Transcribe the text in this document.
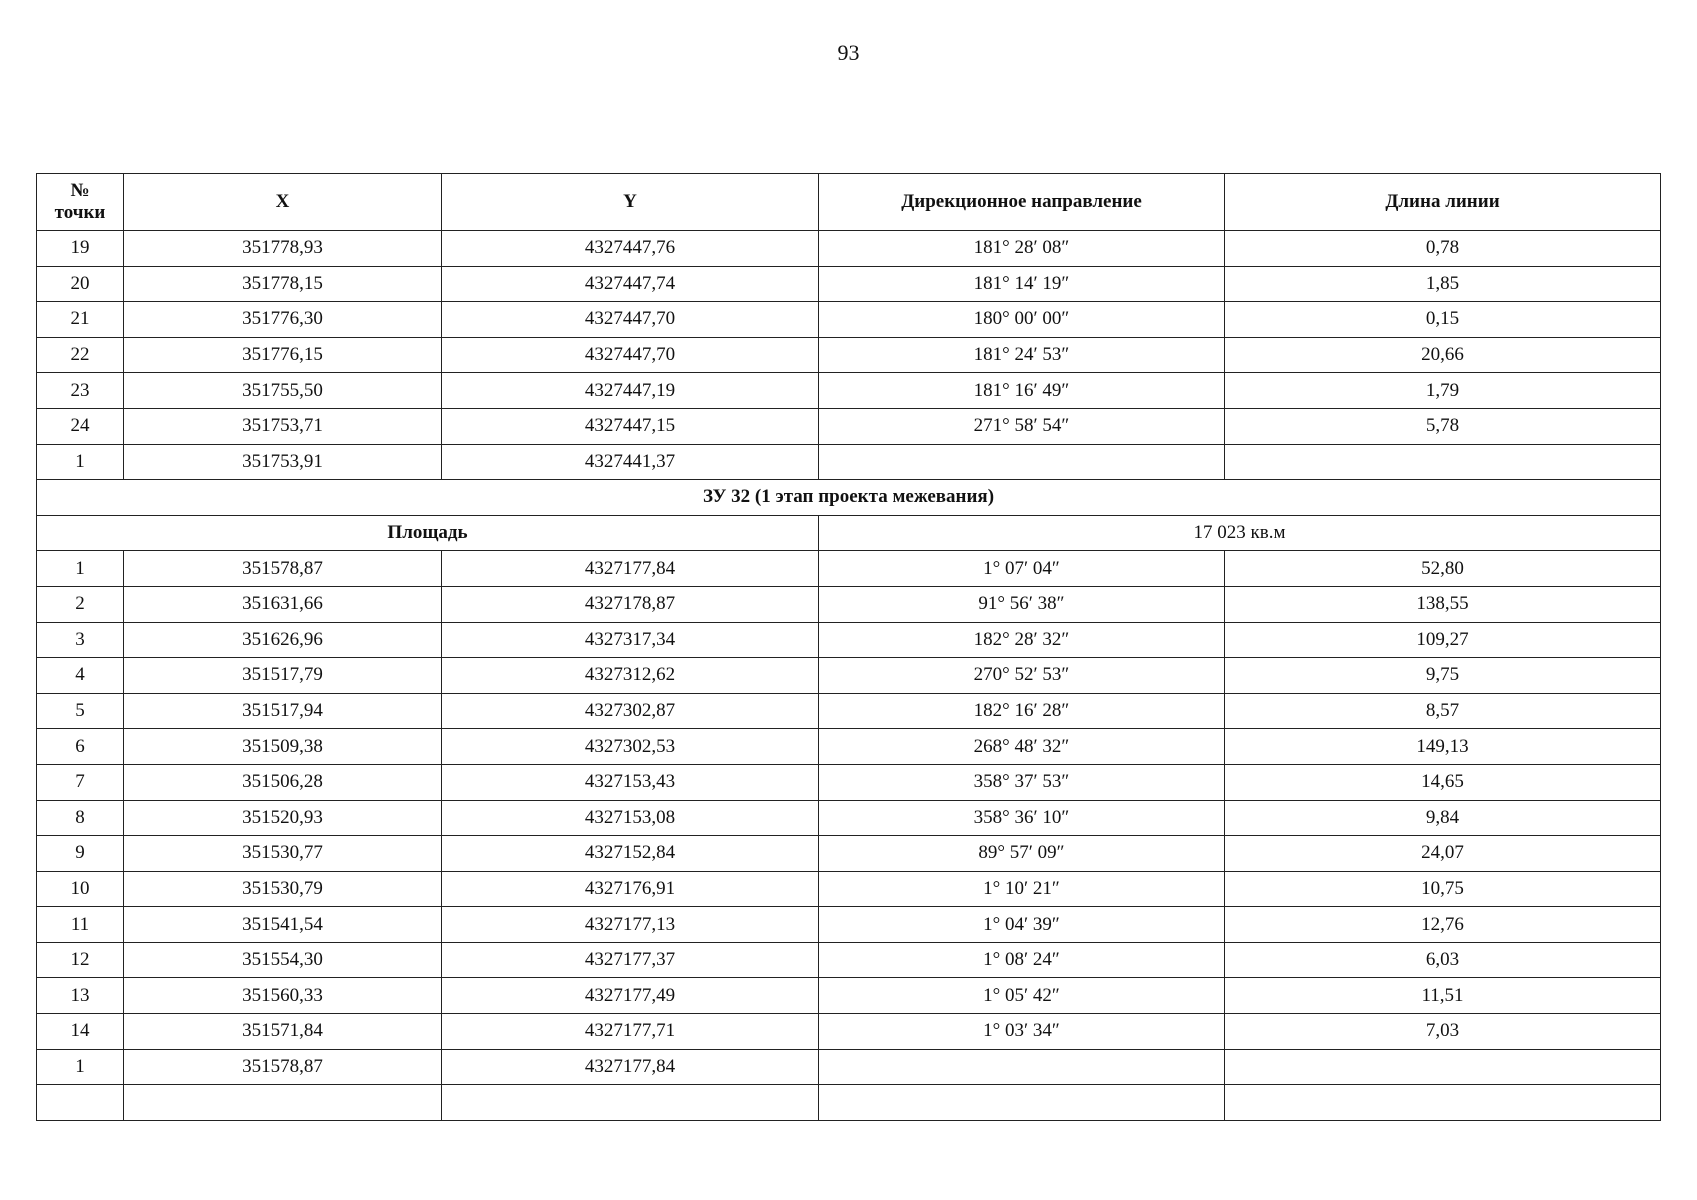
93
№
точки	X	Y	Дирекционное направление	Длина линии
19	351778,93	4327447,76	181° 28′ 08″	0,78
20	351778,15	4327447,74	181° 14′ 19″	1,85
21	351776,30	4327447,70	180° 00′ 00″	0,15
22	351776,15	4327447,70	181° 24′ 53″	20,66
23	351755,50	4327447,19	181° 16′ 49″	1,79
24	351753,71	4327447,15	271° 58′ 54″	5,78
1	351753,91	4327441,37		
ЗУ 32 (1 этап проекта межевания)				
Площадь			17 023 кв.м	
1	351578,87	4327177,84	1° 07′ 04″	52,80
2	351631,66	4327178,87	91° 56′ 38″	138,55
3	351626,96	4327317,34	182° 28′ 32″	109,27
4	351517,79	4327312,62	270° 52′ 53″	9,75
5	351517,94	4327302,87	182° 16′ 28″	8,57
6	351509,38	4327302,53	268° 48′ 32″	149,13
7	351506,28	4327153,43	358° 37′ 53″	14,65
8	351520,93	4327153,08	358° 36′ 10″	9,84
9	351530,77	4327152,84	89° 57′ 09″	24,07
10	351530,79	4327176,91	1° 10′ 21″	10,75
11	351541,54	4327177,13	1° 04′ 39″	12,76
12	351554,30	4327177,37	1° 08′ 24″	6,03
13	351560,33	4327177,49	1° 05′ 42″	11,51
14	351571,84	4327177,71	1° 03′ 34″	7,03
1	351578,87	4327177,84		
